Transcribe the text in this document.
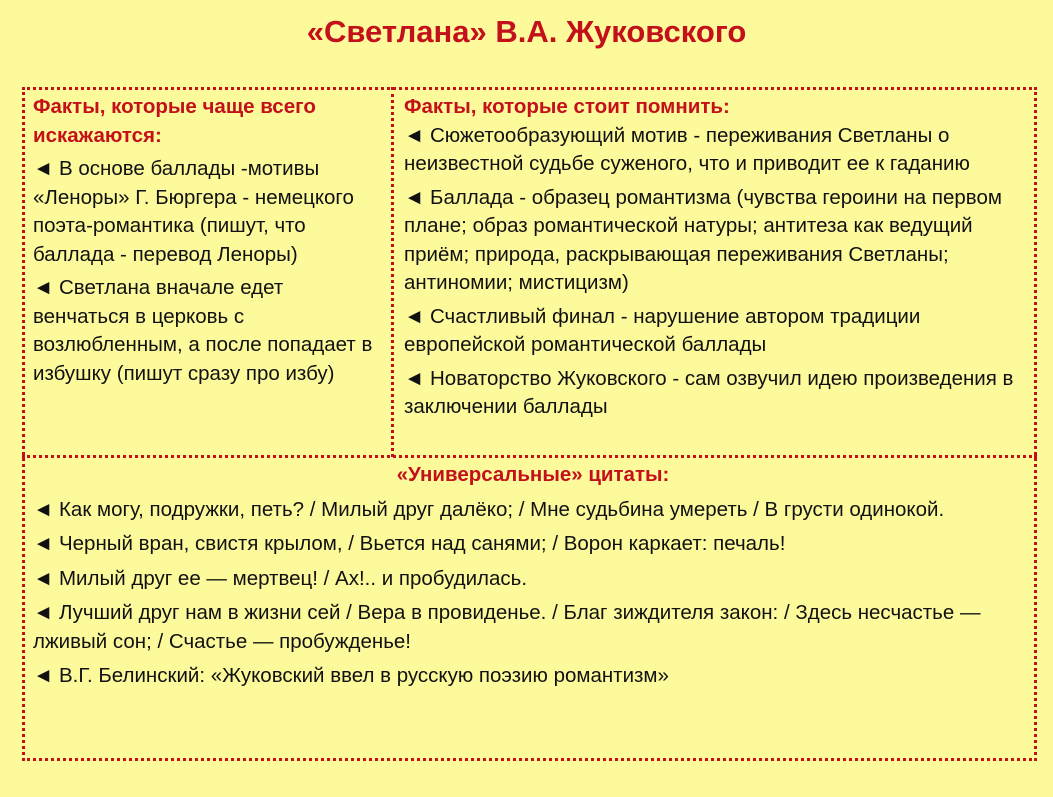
«Светлана» В.А. Жуковского
Факты, которые чаще всего искажаются:
◄ В основе баллады -мотивы «Леноры» Г. Бюргера - немецкого поэта-романтика (пишут, что баллада - перевод Леноры)
◄ Светлана вначале едет венчаться в церковь с возлюбленным, а после попадает в избушку (пишут сразу про избу)
Факты, которые стоит помнить:
◄ Сюжетообразующий мотив - переживания Светланы о неизвестной судьбе суженого, что и приводит ее к гаданию
◄ Баллада - образец романтизма (чувства героини на первом плане; образ романтической натуры; антитеза как ведущий приём; природа, раскрывающая переживания Светланы; антиномии; мистицизм)
◄ Счастливый финал - нарушение автором традиции европейской романтической баллады
◄ Новаторство Жуковского - сам озвучил идею произведения в заключении баллады
«Универсальные» цитаты:
◄ Как могу, подружки, петь? / Милый друг далёко; / Мне судьбина умереть / В грусти одинокой.
◄ Черный вран, свистя крылом, / Вьется над санями; / Ворон каркает: печаль!
◄ Милый друг ее — мертвец! / Ах!.. и пробудилась.
◄ Лучший друг нам в жизни сей / Вера в провиденье. / Благ зиждителя закон: / Здесь несчастье — лживый сон; / Счастье — пробужденье!
◄ В.Г. Белинский: «Жуковский ввел в русскую поэзию романтизм»
